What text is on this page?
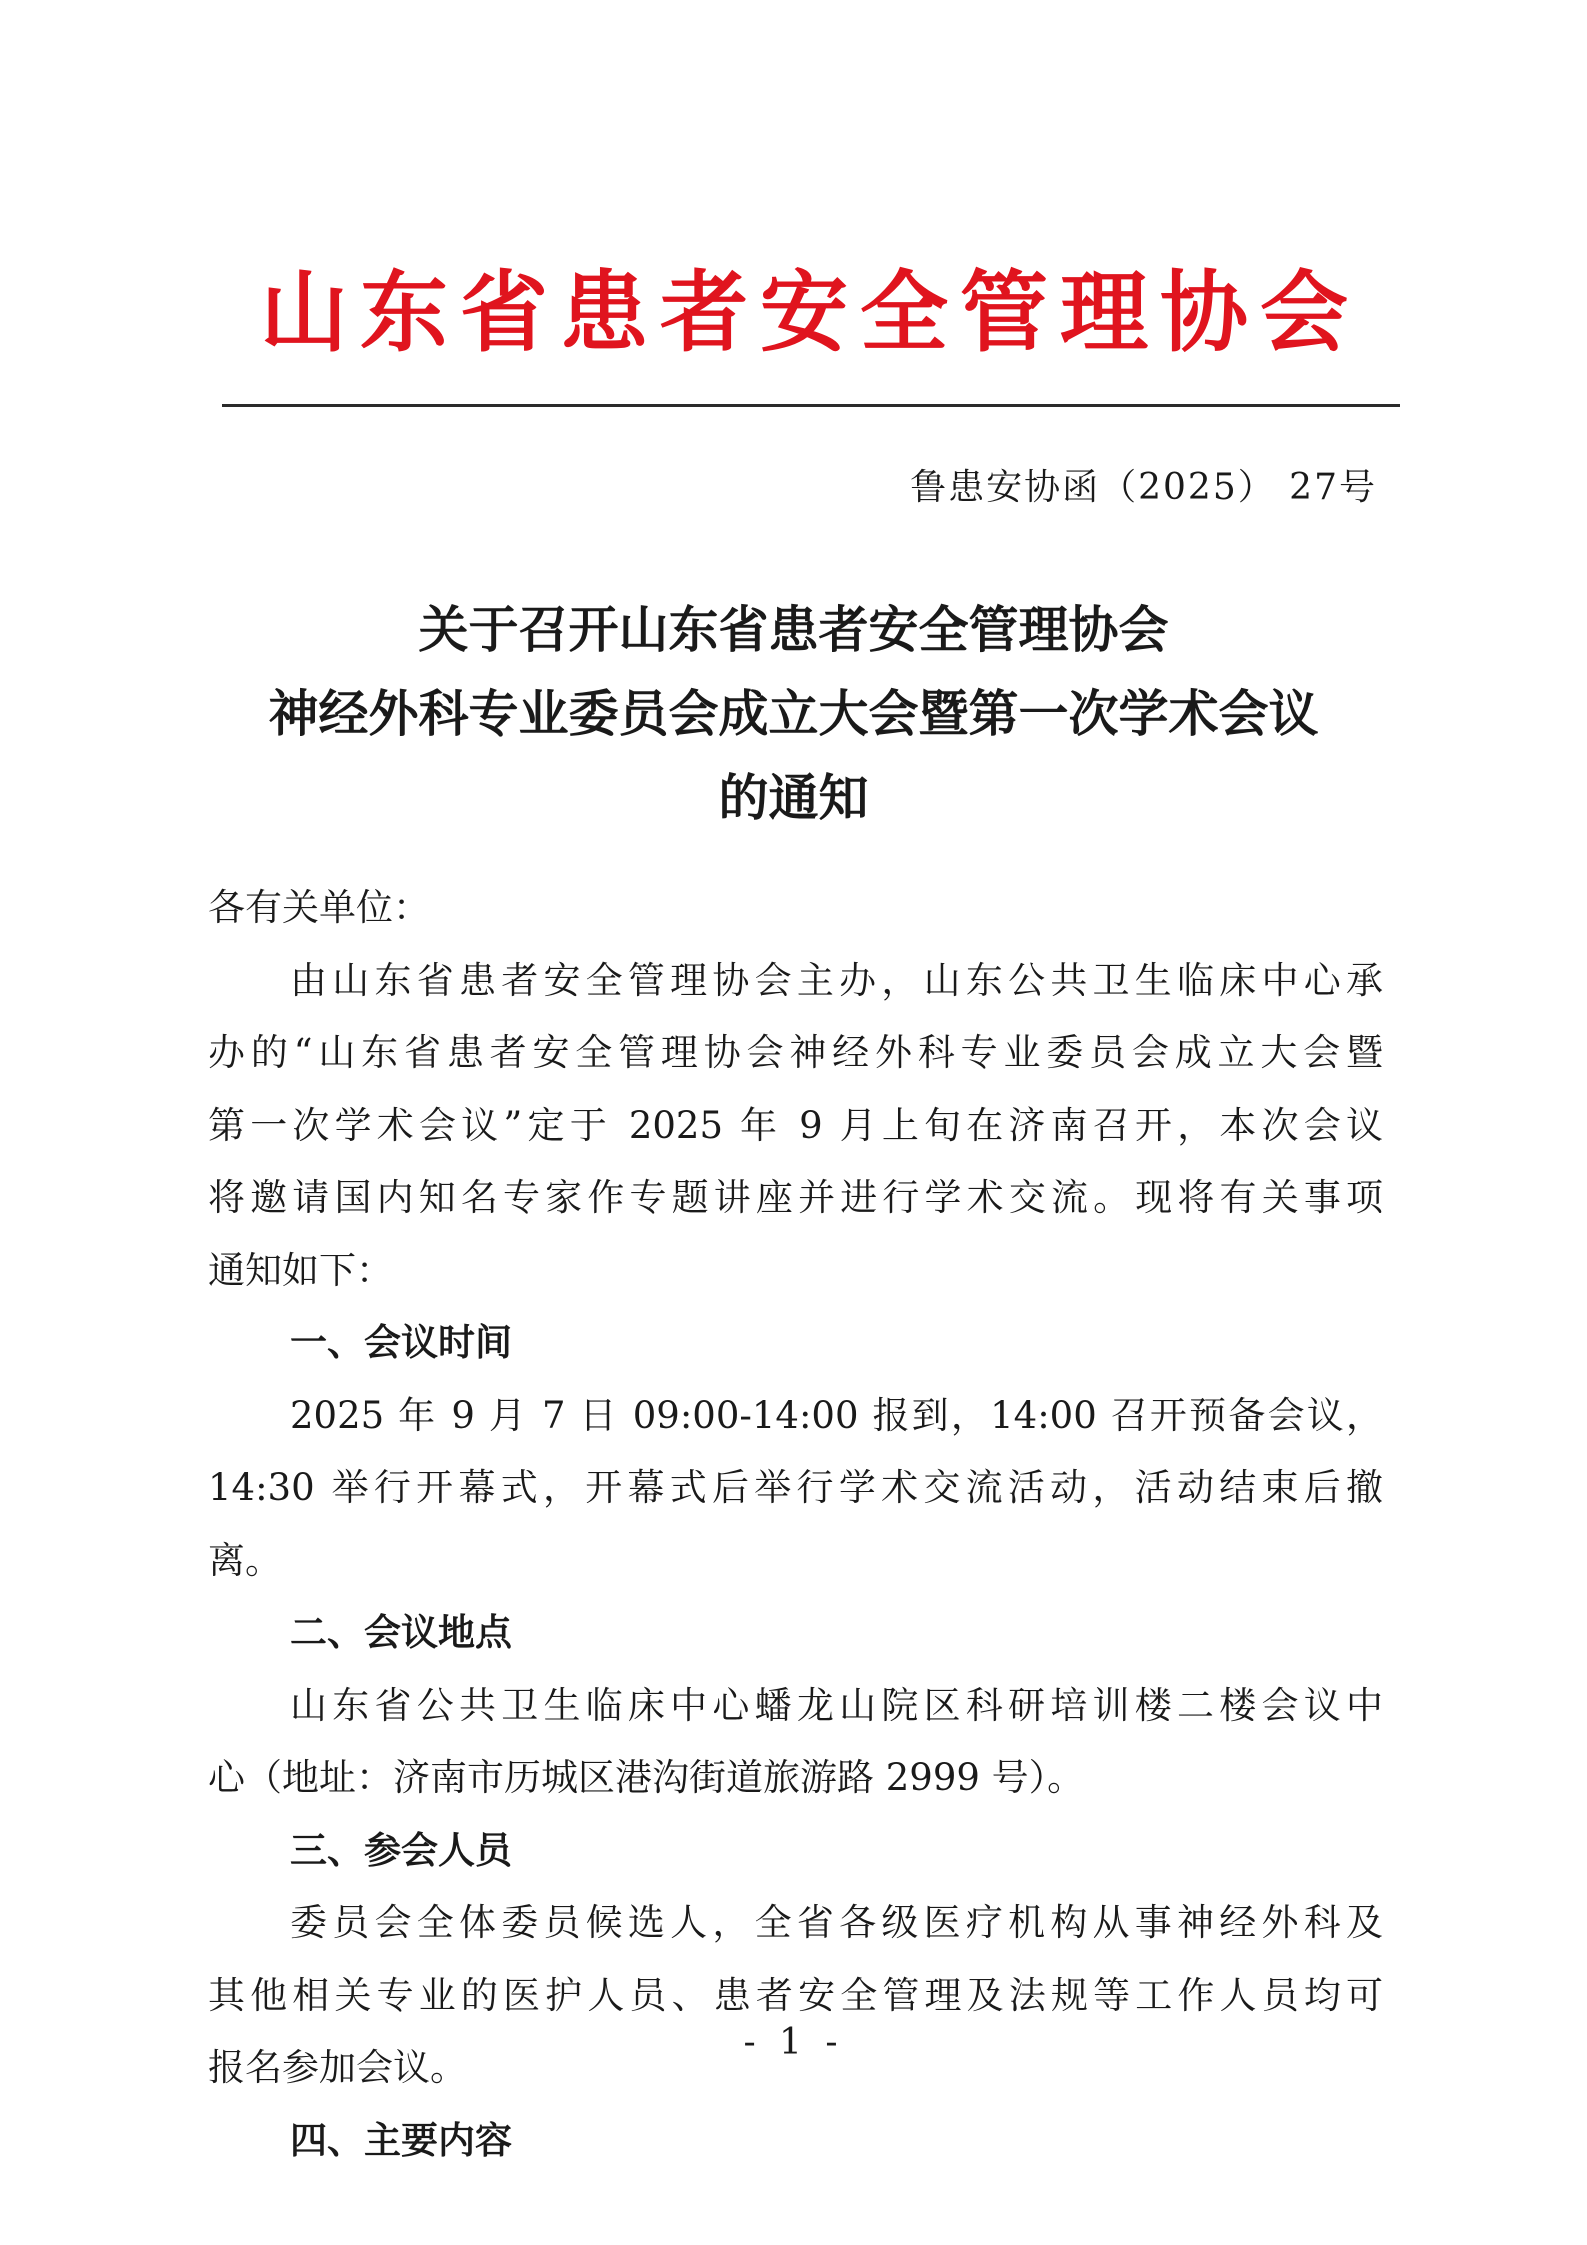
山东省患者安全管理协会
鲁患安协函（2025） 27号
关于召开山东省患者安全管理协会
神经外科专业委员会成立大会暨第一次学术会议
的通知
各有关单位：
由山东省患者安全管理协会主办，山东公共卫生临床中心承
办的“山东省患者安全管理协会神经外科专业委员会成立大会暨
第一次学术会议”定于 2025 年 9 月上旬在济南召开，本次会议
将邀请国内知名专家作专题讲座并进行学术交流。现将有关事项
通知如下：
一、会议时间
2025 年 9 月 7 日 09:00-14:00 报到，14:00 召开预备会议，
14:30 举行开幕式，开幕式后举行学术交流活动，活动结束后撤
离。
二、会议地点
山东省公共卫生临床中心蟠龙山院区科研培训楼二楼会议中
心（地址：济南市历城区港沟街道旅游路 2999 号）。
三、参会人员
委员会全体委员候选人，全省各级医疗机构从事神经外科及
其他相关专业的医护人员、患者安全管理及法规等工作人员均可
报名参加会议。
四、主要内容
- 1 -
